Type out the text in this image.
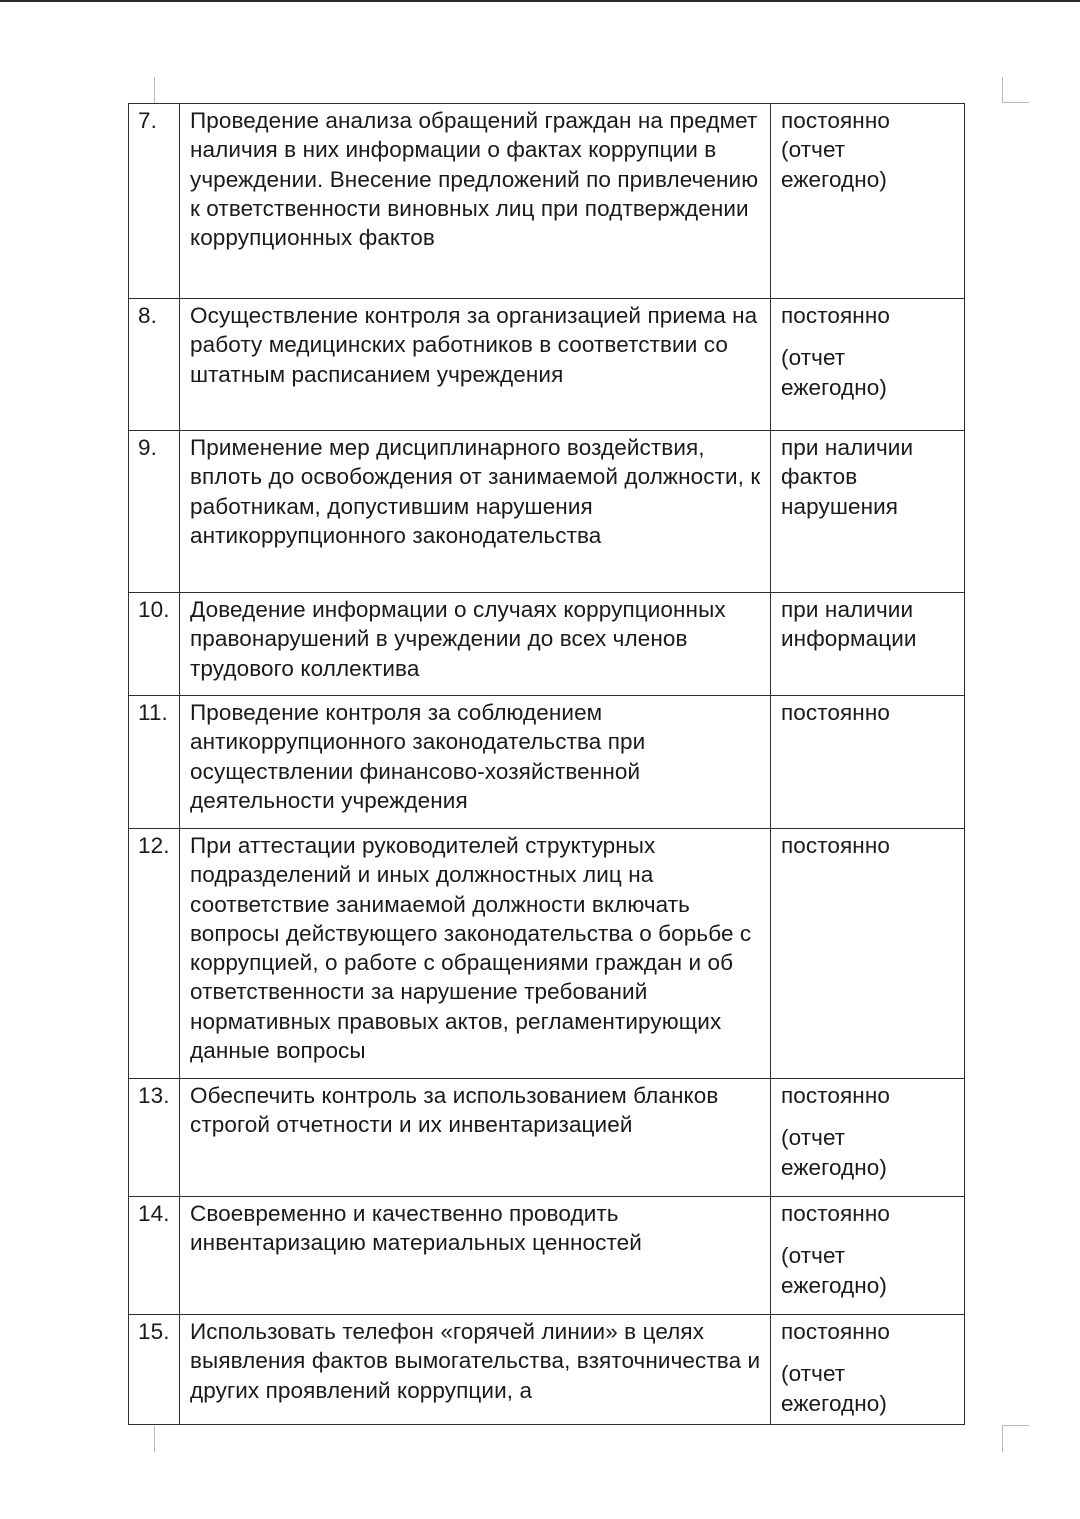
7.	Проведение анализа обращений граждан на предмет наличия в них информации о фактах коррупции в учреждении. Внесение предложений по привлечению к ответственности виновных лиц при подтверждении коррупционных фактов	постоянно (отчет ежегодно)

8.	Осуществление контроля за организацией приема на работу медицинских работников в соответствии со штатным расписанием учреждения	постоянно
(отчет ежегодно)

9.	Применение мер дисциплинарного воздействия, вплоть до освобождения от занимаемой должности, к работникам, допустившим нарушения антикоррупционного законодательства	при наличии фактов нарушения

10.	Доведение информации о случаях коррупционных правонарушений в учреждении до всех членов трудового коллектива	при наличии информации

11.	Проведение контроля за соблюдением антикоррупционного законодательства при осуществлении финансово-хозяйственной деятельности учреждения	постоянно

12.	При аттестации руководителей структурных подразделений и иных должностных лиц на соответствие занимаемой должности включать вопросы действующего законодательства о борьбе с коррупцией, о работе с обращениями граждан и об ответственности за нарушение требований нормативных правовых актов, регламентирующих данные вопросы	постоянно

13.	Обеспечить контроль за использованием бланков строгой отчетности и их инвентаризацией	постоянно
(отчет ежегодно)

14.	Своевременно и качественно проводить инвентаризацию материальных ценностей	постоянно
(отчет ежегодно)

15.	Использовать телефон «горячей линии» в целях выявления фактов вымогательства, взяточничества и других проявлений коррупции, а	постоянно
(отчет ежегодно)
